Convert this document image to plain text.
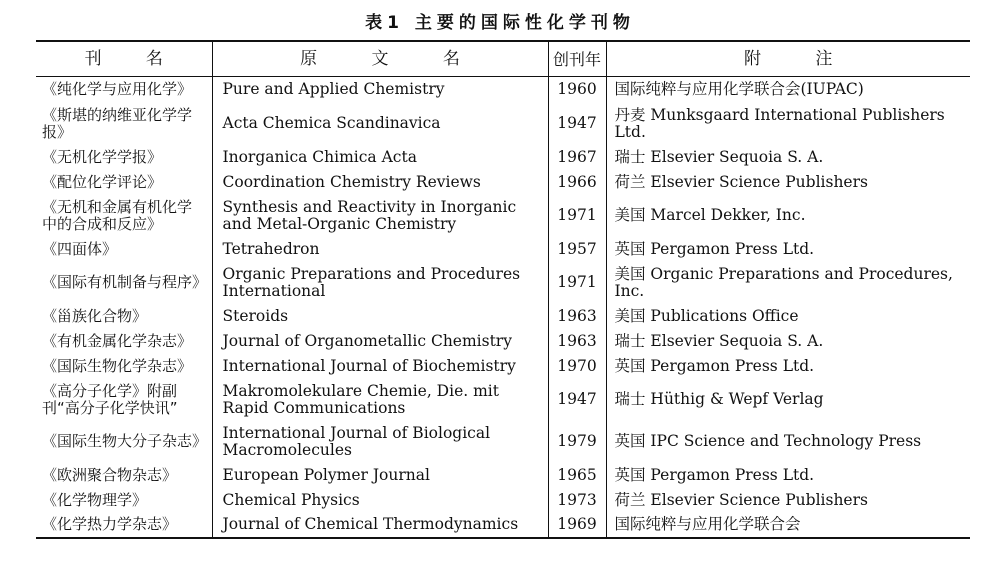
表1 主要的国际性化学刊物
刊名	原文名	创刊年	附注
《纯化学与应用化学》	Pure and Applied Chemistry	1960	国际纯粹与应用化学联合会(IUPAC)
《斯堪的纳维亚化学学报》	Acta Chemica Scandinavica	1947	丹麦 Munksgaard International Publishers Ltd.
《无机化学学报》	Inorganica Chimica Acta	1967	瑞士 Elsevier Sequoia S. A.
《配位化学评论》	Coordination Chemistry Reviews	1966	荷兰 Elsevier Science Publishers
《无机和金属有机化学中的合成和反应》	Synthesis and Reactivity in Inorganic and Metal-Organic Chemistry	1971	美国 Marcel Dekker, Inc.
《四面体》	Tetrahedron	1957	英国 Pergamon Press Ltd.
《国际有机制备与程序》	Organic Preparations and Procedures International	1971	美国 Organic Preparations and Procedures, Inc.
《甾族化合物》	Steroids	1963	美国 Publications Office
《有机金属化学杂志》	Journal of Organometallic Chemistry	1963	瑞士 Elsevier Sequoia S. A.
《国际生物化学杂志》	International Journal of Biochemistry	1970	英国 Pergamon Press Ltd.
《高分子化学》附副刊“高分子化学快讯”	Makromolekulare Chemie, Die. mit Rapid Communications	1947	瑞士 Hüthig & Wepf Verlag
《国际生物大分子杂志》	International Journal of Biological Macromolecules	1979	英国 IPC Science and Technology Press
《欧洲聚合物杂志》	European Polymer Journal	1965	英国 Pergamon Press Ltd.
《化学物理学》	Chemical Physics	1973	荷兰 Elsevier Science Publishers
《化学热力学杂志》	Journal of Chemical Thermodynamics	1969	国际纯粹与应用化学联合会
